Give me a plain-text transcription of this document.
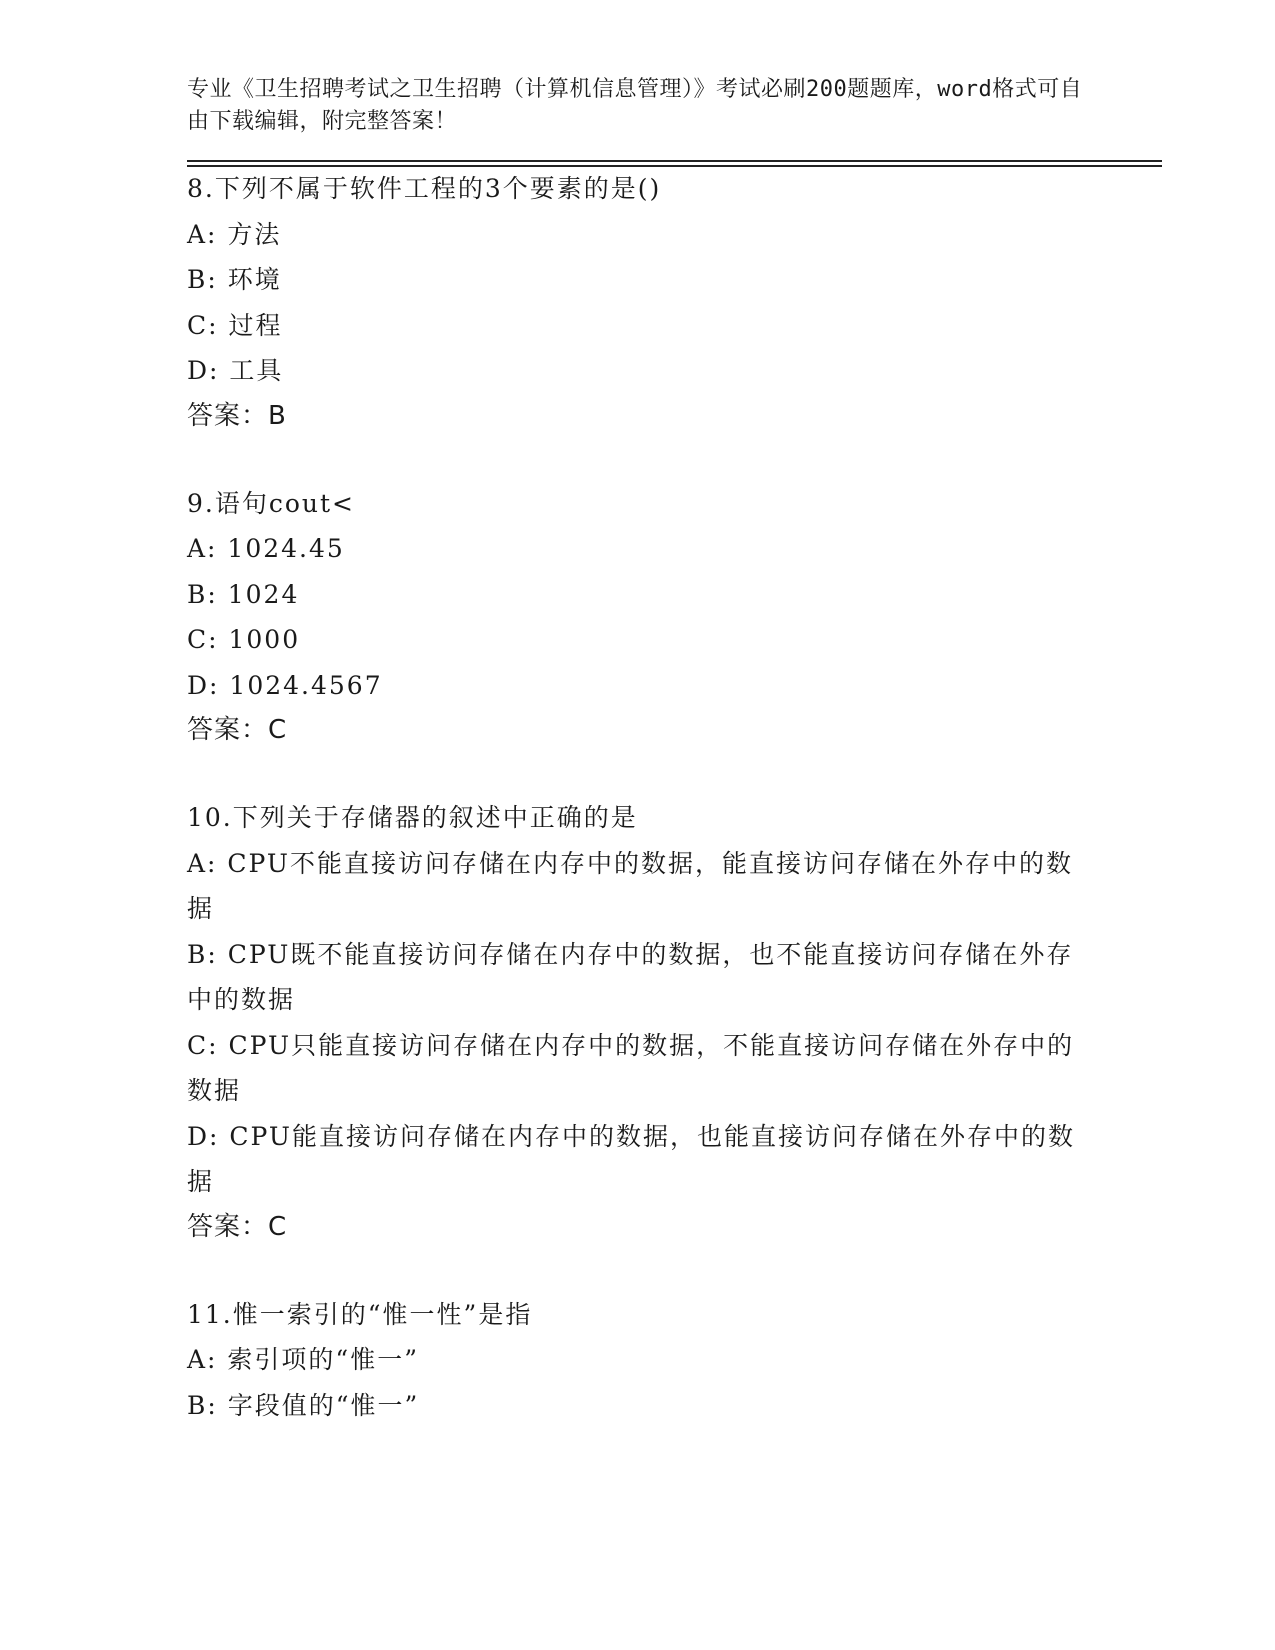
专业《卫生招聘考试之卫生招聘（计算机信息管理）》考试必刷200题题库，word格式可自由下载编辑，附完整答案！
8.下列不属于软件工程的3个要素的是()
A: 方法
B: 环境
C: 过程
D: 工具
答案：B
9.语句cout<
A: 1024.45
B: 1024
C: 1000
D: 1024.4567
答案：C
10.下列关于存储器的叙述中正确的是
A: CPU不能直接访问存储在内存中的数据，能直接访问存储在外存中的数据
B: CPU既不能直接访问存储在内存中的数据，也不能直接访问存储在外存中的数据
C: CPU只能直接访问存储在内存中的数据，不能直接访问存储在外存中的数据
D: CPU能直接访问存储在内存中的数据，也能直接访问存储在外存中的数据
答案：C
11.惟一索引的“惟一性”是指
A: 索引项的“惟一”
B: 字段值的“惟一”
